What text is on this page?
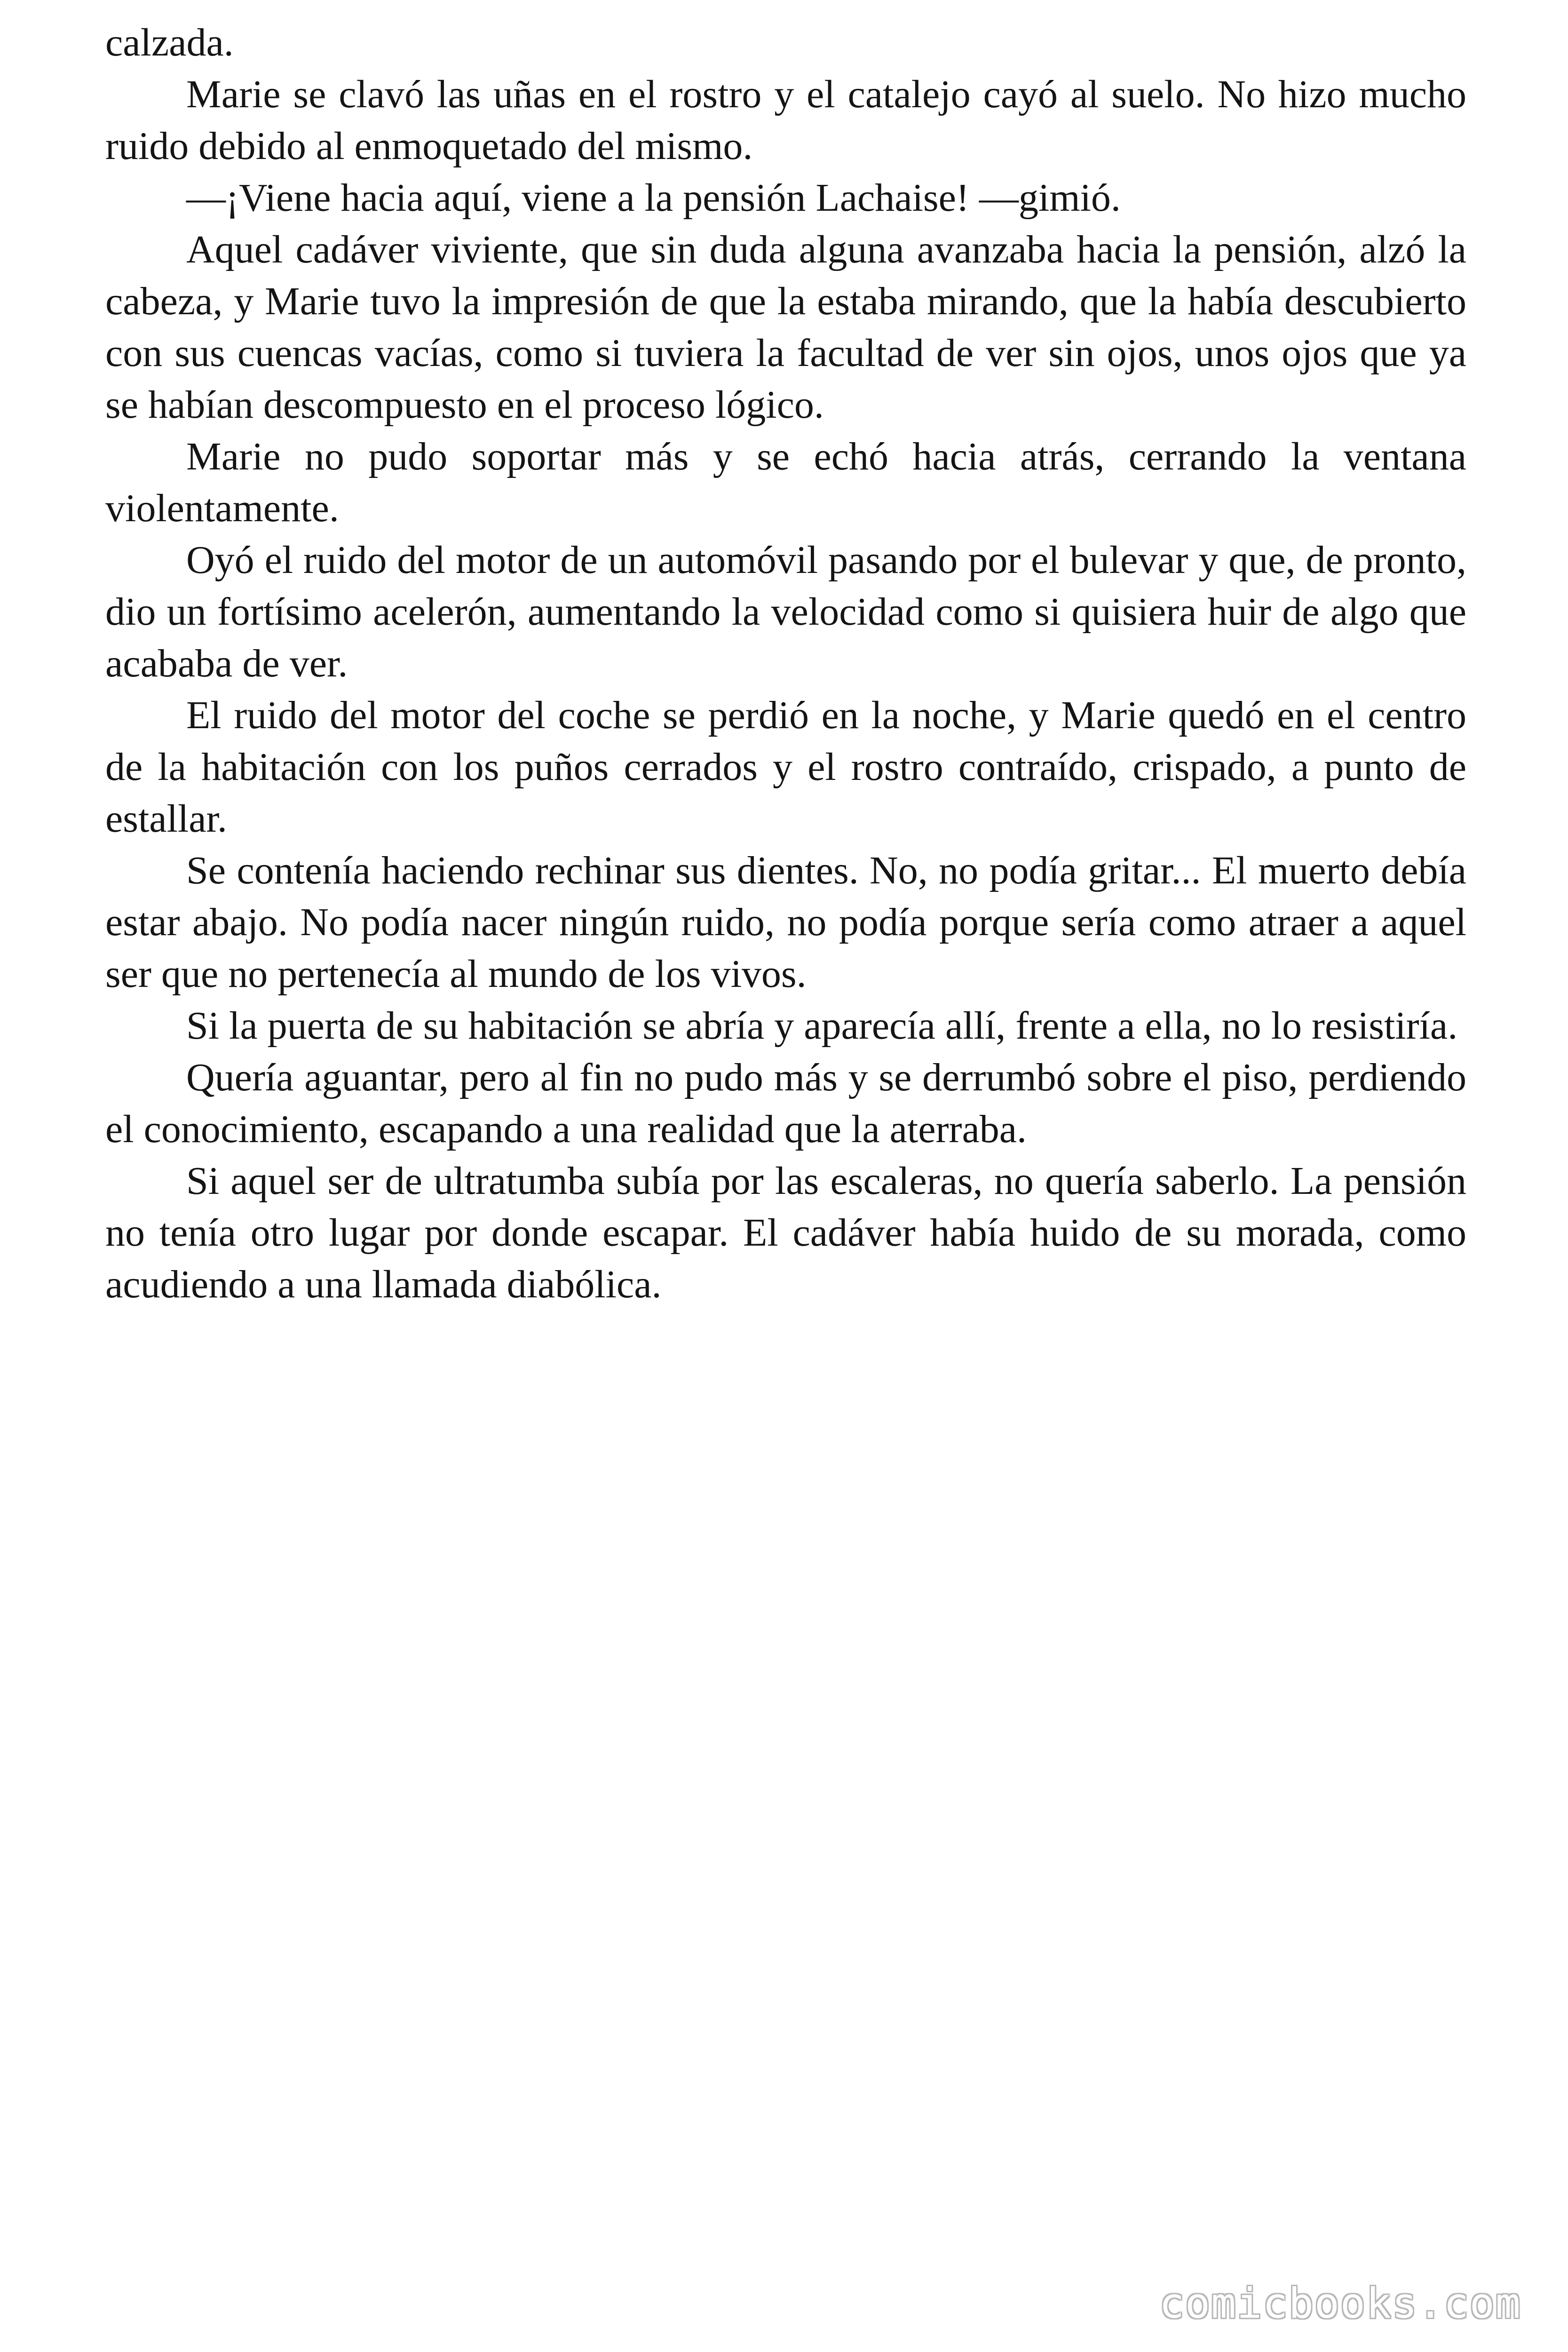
calzada.

Marie se clavó las uñas en el rostro y el catalejo cayó al suelo. No hizo mucho ruido debido al enmoquetado del mismo.

—¡Viene hacia aquí, viene a la pensión Lachaise! —gimió.

Aquel cadáver viviente, que sin duda alguna avanzaba hacia la pensión, alzó la cabeza, y Marie tuvo la impresión de que la estaba mirando, que la había descubierto con sus cuencas vacías, como si tuviera la facultad de ver sin ojos, unos ojos que ya se habían descompuesto en el proceso lógico.

Marie no pudo soportar más y se echó hacia atrás, cerrando la ventana violentamente.

Oyó el ruido del motor de un automóvil pasando por el bulevar y que, de pronto, dio un fortísimo acelerón, aumentando la velocidad como si quisiera huir de algo que acababa de ver.

El ruido del motor del coche se perdió en la noche, y Marie quedó en el centro de la habitación con los puños cerrados y el rostro contraído, crispado, a punto de estallar.

Se contenía haciendo rechinar sus dientes. No, no podía gritar... El muerto debía estar abajo. No podía nacer ningún ruido, no podía porque sería como atraer a aquel ser que no pertenecía al mundo de los vivos.

Si la puerta de su habitación se abría y aparecía allí, frente a ella, no lo resistiría.

Quería aguantar, pero al fin no pudo más y se derrumbó sobre el piso, perdiendo el conocimiento, escapando a una realidad que la aterraba.

Si aquel ser de ultratumba subía por las escaleras, no quería saberlo. La pensión no tenía otro lugar por donde escapar. El cadáver había huido de su morada, como acudiendo a una llamada diabólica.

comicbooks.com
